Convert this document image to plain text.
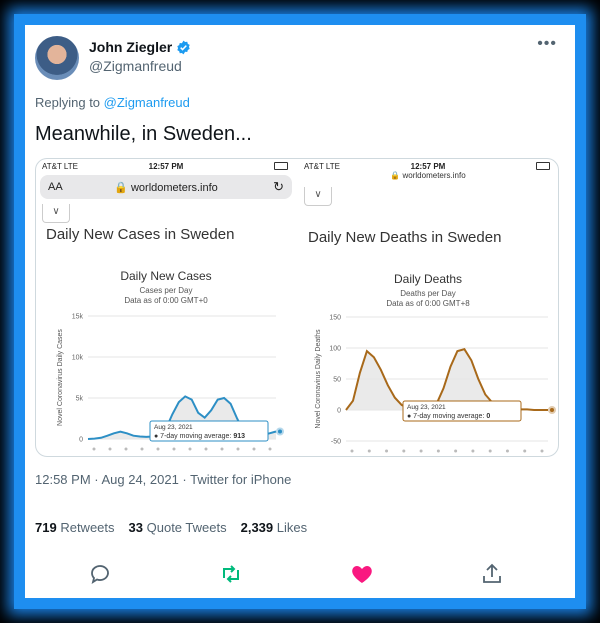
John Ziegler
@Zigmanfreud
•••
Replying to @Zigmanfreud
Meanwhile, in Sweden...
AT&T LTE	12:57 PM
AA	🔒 worldometers.info	↻
∨
Daily New Cases in Sweden
Daily New Cases
Cases per Day
Data as of 0:00 GMT+0
Novel Coronavirus Daily Cases
15k
10k
5k
0
Aug 23, 2021
● 7-day moving average: 913
AT&T LTE	12:57 PM
🔒 worldometers.info
∨
Daily New Deaths in Sweden
Daily Deaths
Deaths per Day
Data as of 0:00 GMT+8
Novel Coronavirus Daily Deaths
150
100
50
0
-50
Aug 23, 2021
● 7-day moving average: 0
12:58 PM · Aug 24, 2021 · Twitter for iPhone
719 Retweets 33 Quote Tweets 2,339 Likes
